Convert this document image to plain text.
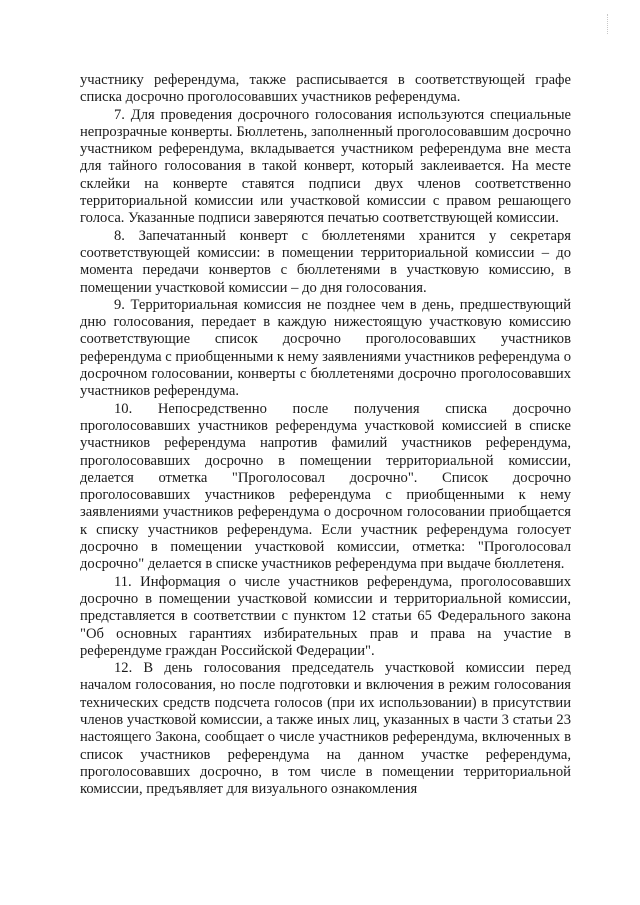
участнику референдума, также расписывается в соответствующей графе списка досрочно проголосовавших участников референдума.

7. Для проведения досрочного голосования используются специальные непрозрачные конверты. Бюллетень, заполненный проголосовавшим досрочно участником референдума, вкладывается участником референдума вне места для тайного голосования в такой конверт, который заклеивается. На месте склейки на конверте ставятся подписи двух членов соответственно территориальной комиссии или участковой комиссии с правом решающего голоса. Указанные подписи заверяются печатью соответствующей комиссии.

8. Запечатанный конверт с бюллетенями хранится у секретаря соответствующей комиссии: в помещении территориальной комиссии – до момента передачи конвертов с бюллетенями в участковую комиссию, в помещении участковой комиссии – до дня голосования.

9. Территориальная комиссия не позднее чем в день, предшествующий дню голосования, передает в каждую нижестоящую участковую комиссию соответствующие список досрочно проголосовавших участников референдума с приобщенными к нему заявлениями участников референдума о досрочном голосовании, конверты с бюллетенями досрочно проголосовавших участников референдума.

10. Непосредственно после получения списка досрочно проголосовавших участников референдума участковой комиссией в списке участников референдума напротив фамилий участников референдума, проголосовавших досрочно в помещении территориальной комиссии, делается отметка "Проголосовал досрочно". Список досрочно проголосовавших участников референдума с приобщенными к нему заявлениями участников референдума о досрочном голосовании приобщается к списку участников референдума. Если участник референдума голосует досрочно в помещении участковой комиссии, отметка: "Проголосовал досрочно" делается в списке участников референдума при выдаче бюллетеня.

11. Информация о числе участников референдума, проголосовавших досрочно в помещении участковой комиссии и территориальной комиссии, представляется в соответствии с пунктом 12 статьи 65 Федерального закона "Об основных гарантиях избирательных прав и права на участие в референдуме граждан Российской Федерации".

12. В день голосования председатель участковой комиссии перед началом голосования, но после подготовки и включения в режим голосования технических средств подсчета голосов (при их использовании) в присутствии членов участковой комиссии, а также иных лиц, указанных в части 3 статьи 23 настоящего Закона, сообщает о числе участников референдума, включенных в список участников референдума на данном участке референдума, проголосовавших досрочно, в том числе в помещении территориальной комиссии, предъявляет для визуального ознакомления
